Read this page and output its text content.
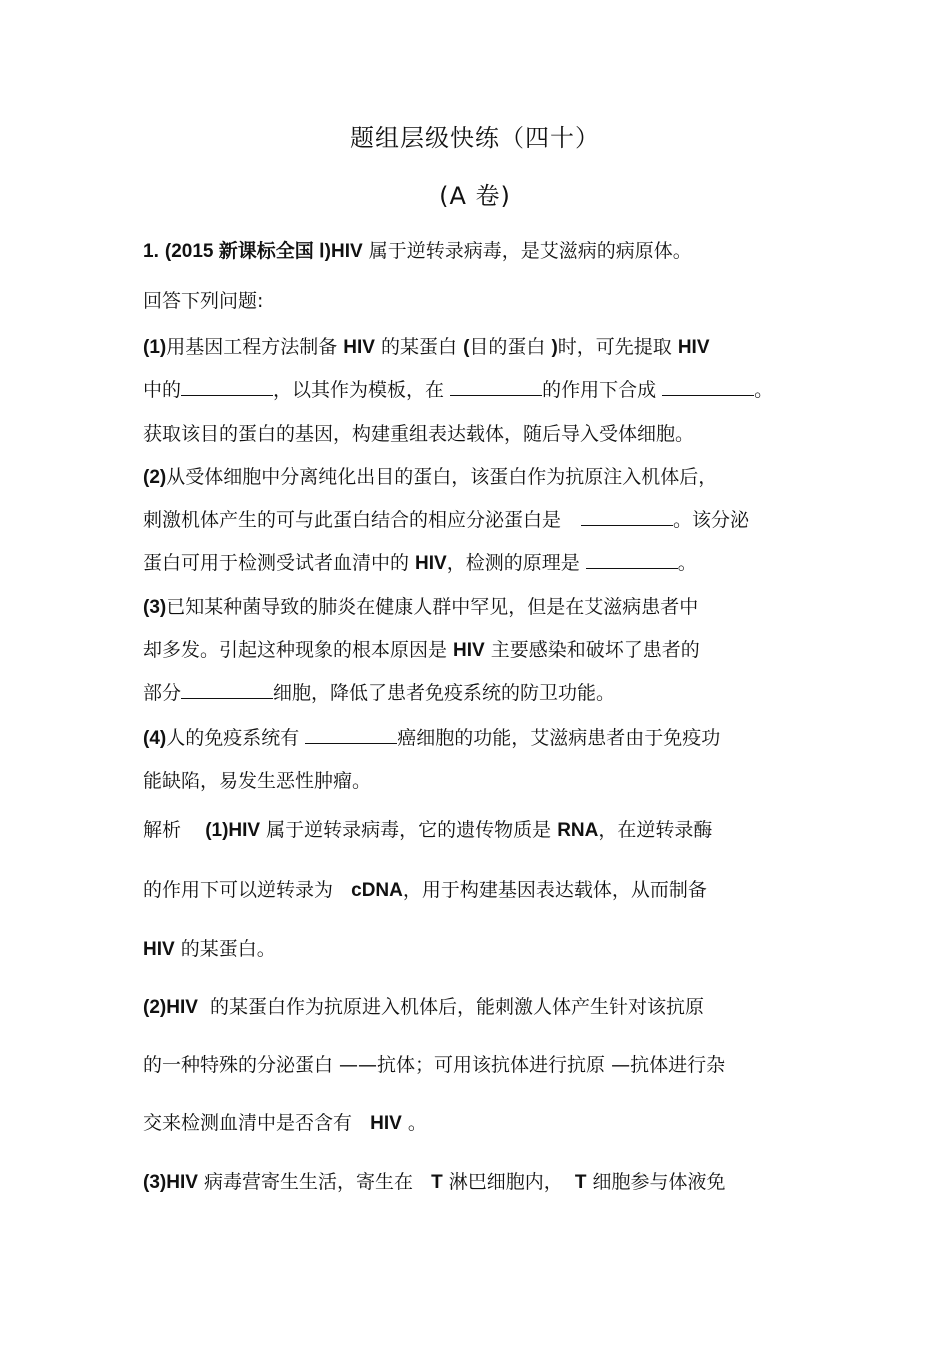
题组层级快练（四十）
(A 卷)
1. (2015 新课标全国 Ⅰ)HIV 属于逆转录病毒，是艾滋病的病原体。
回答下列问题:
(1)用基因工程方法制备 HIV 的某蛋白 (目的蛋白 )时，可先提取 HIV
中的	，以其作为模板，在	的作用下合成	。
获取该目的蛋白的基因，构建重组表达载体，随后导入受体细胞。
(2)从受体细胞中分离纯化出目的蛋白，该蛋白作为抗原注入机体后，
刺激机体产生的可与此蛋白结合的相应分泌蛋白是	。该分泌
蛋白可用于检测受试者血清中的 HIV，检测的原理是	。
(3)已知某种菌导致的肺炎在健康人群中罕见，但是在艾滋病患者中
却多发。引起这种现象的根本原因是 HIV 主要感染和破坏了患者的
部分	细胞，降低了患者免疫系统的防卫功能。
(4)人的免疫系统有	癌细胞的功能，艾滋病患者由于免疫功
能缺陷，易发生恶性肿瘤。
解析 (1)HIV 属于逆转录病毒，它的遗传物质是 RNA，在逆转录酶
的作用下可以逆转录为   cDNA，用于构建基因表达载体，从而制备
HIV 的某蛋白。
(2)HIV  的某蛋白作为抗原进入机体后，能刺激人体产生针对该抗原
的一种特殊的分泌蛋白 ——抗体；可用该抗体进行抗原 —抗体进行杂
交来检测血清中是否含有   HIV 。
(3)HIV 病毒营寄生生活，寄生在   T 淋巴细胞内， T 细胞参与体液免
